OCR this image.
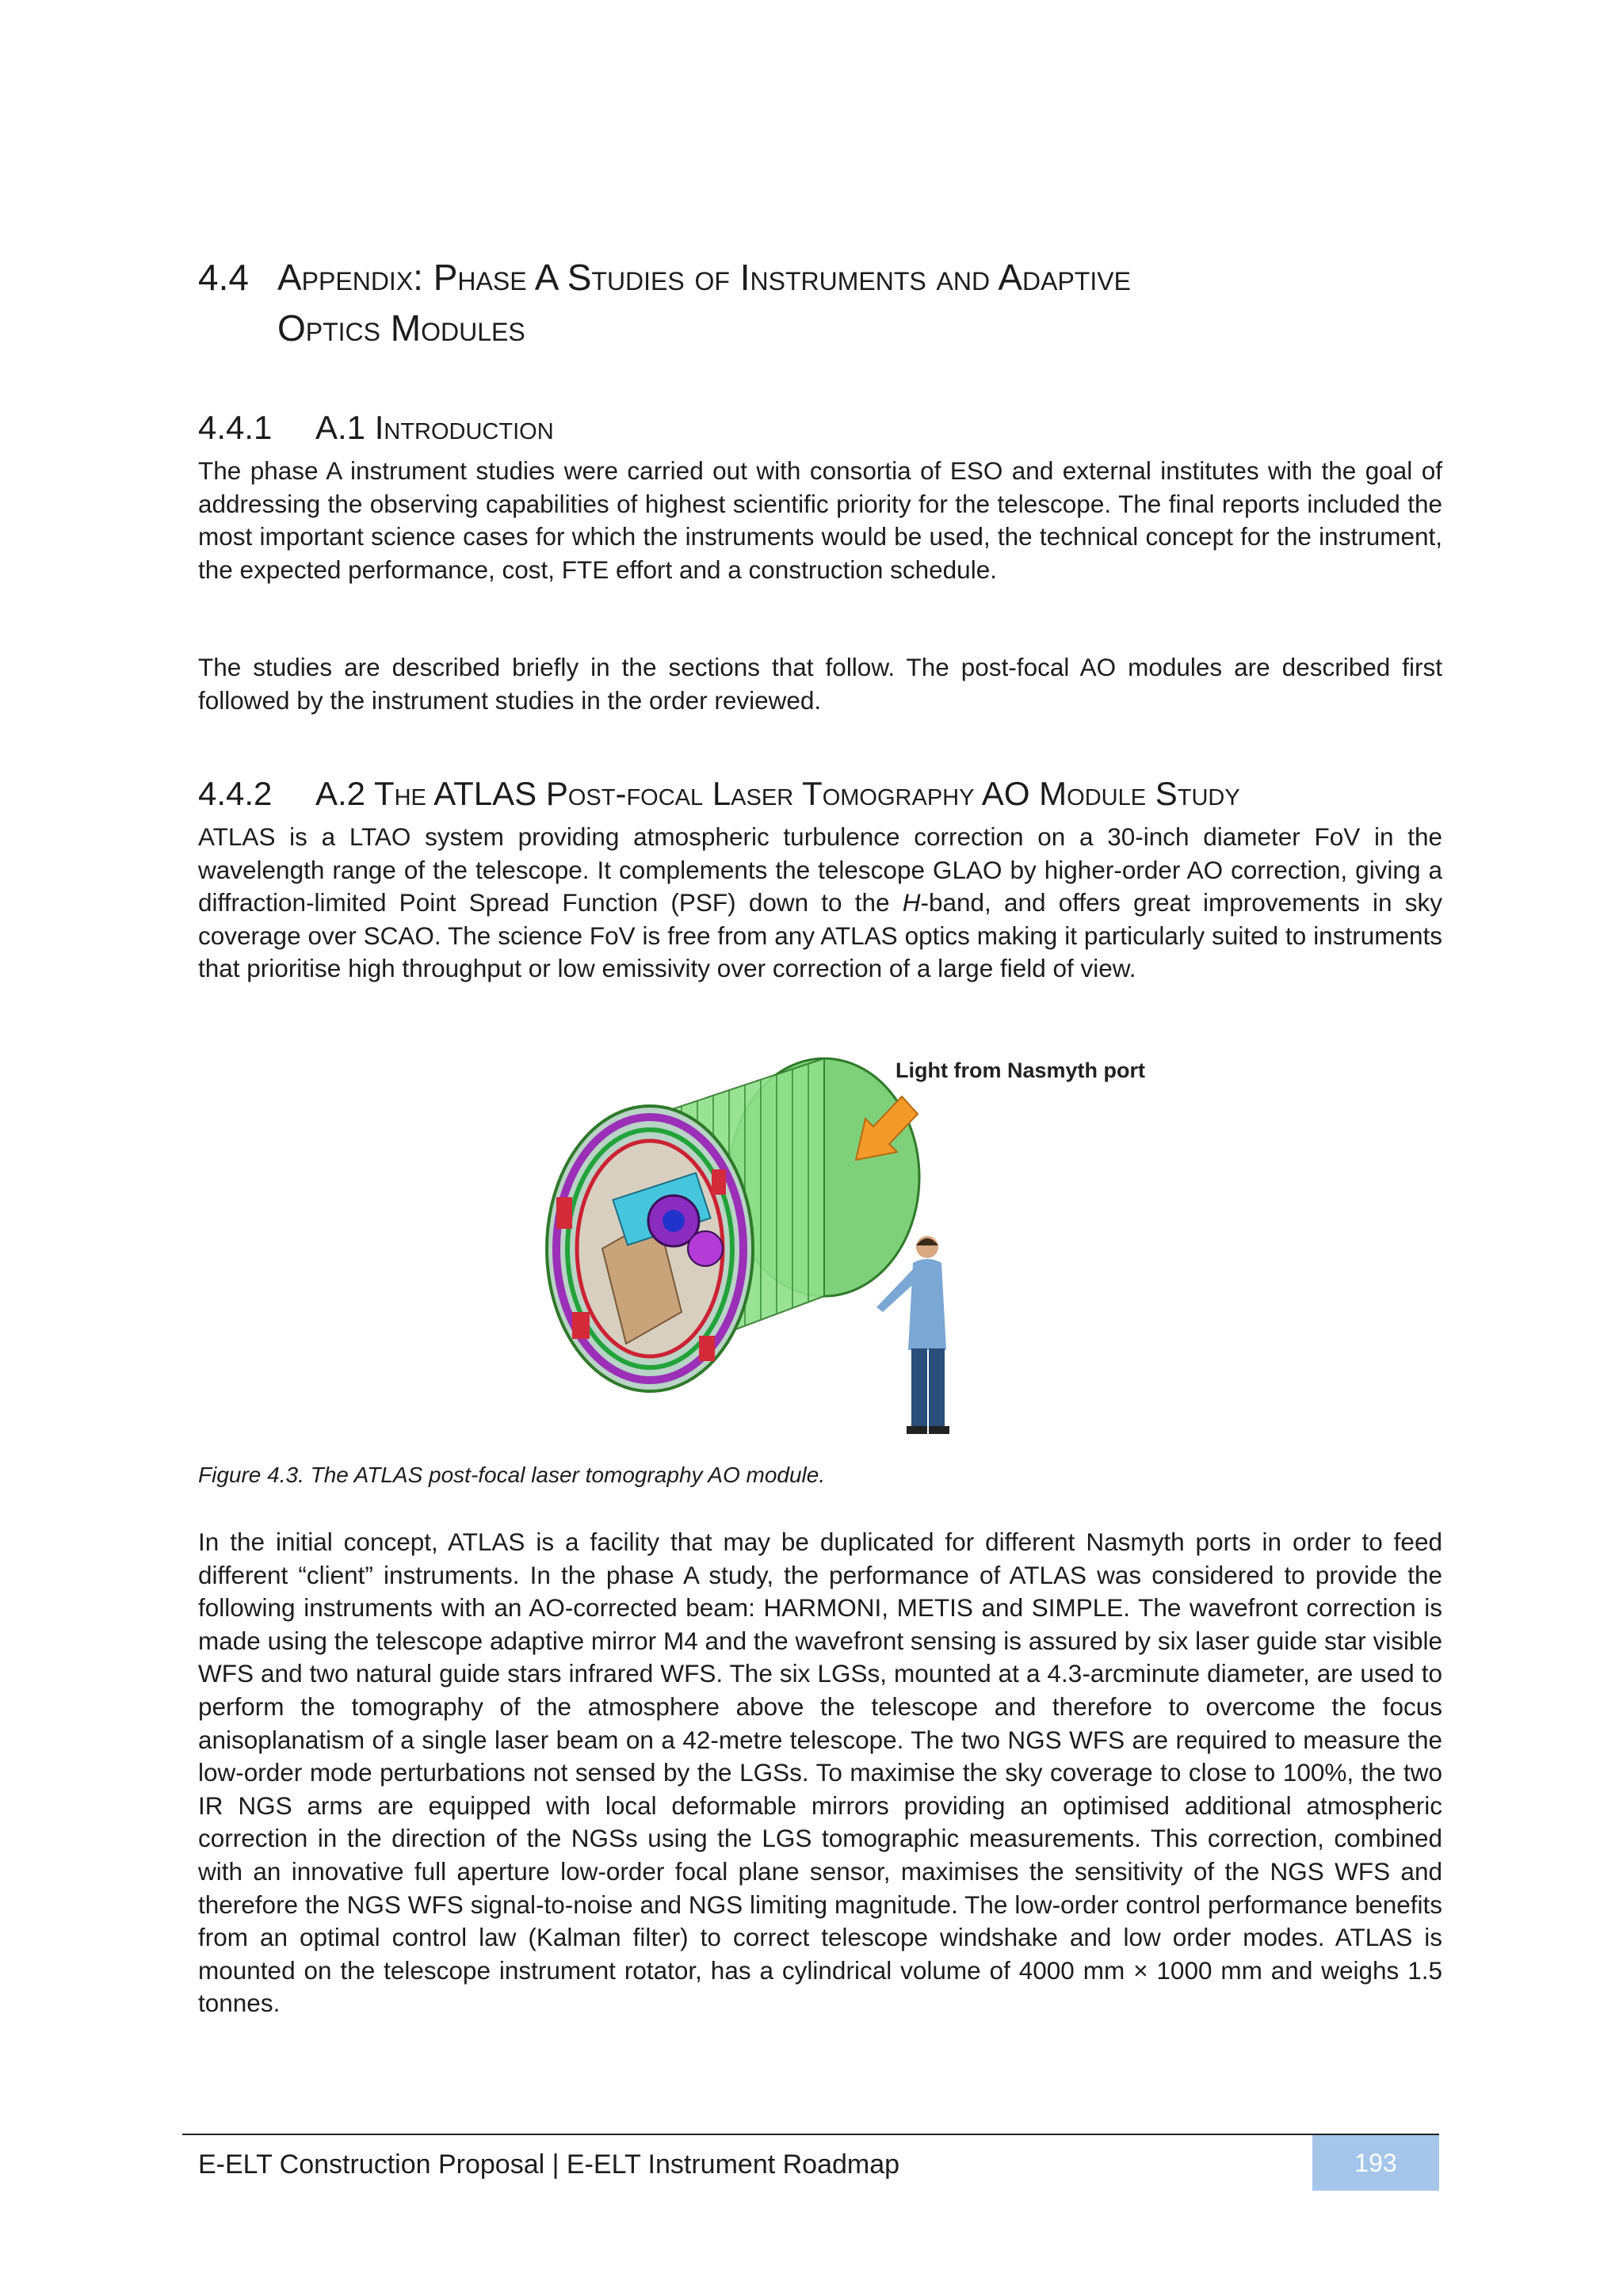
4.4 Appendix: Phase A Studies of Instruments and Adaptive
Optics Modules
4.4.1 A.1 Introduction

The phase A instrument studies were carried out with consortia of ESO and external institutes with the goal of addressing the observing capabilities of highest scientific priority for the telescope. The final reports included the most important science cases for which the instruments would be used, the technical concept for the instrument, the expected performance, cost, FTE effort and a construction schedule.

The studies are described briefly in the sections that follow. The post-focal AO modules are described first followed by the instrument studies in the order reviewed.

4.4.2 A.2 The ATLAS Post-focal Laser Tomography AO Module Study

ATLAS is a LTAO system providing atmospheric turbulence correction on a 30-inch diameter FoV in the wavelength range of the telescope. It complements the telescope GLAO by higher-order AO correction, giving a diffraction-limited Point Spread Function (PSF) down to the H-band, and offers great improvements in sky coverage over SCAO. The science FoV is free from any ATLAS optics making it particularly suited to instruments that prioritise high throughput or low emissivity over correction of a large field of view.

Light from Nasmyth port

Figure 4.3. The ATLAS post-focal laser tomography AO module.

In the initial concept, ATLAS is a facility that may be duplicated for different Nasmyth ports in order to feed different “client” instruments. In the phase A study, the performance of ATLAS was considered to provide the following instruments with an AO-corrected beam: HARMONI, METIS and SIMPLE. The wavefront correction is made using the telescope adaptive mirror M4 and the wavefront sensing is assured by six laser guide star visible WFS and two natural guide stars infrared WFS. The six LGSs, mounted at a 4.3-arcminute diameter, are used to perform the tomography of the atmosphere above the telescope and therefore to overcome the focus anisoplanatism of a single laser beam on a 42-metre telescope. The two NGS WFS are required to measure the low-order mode perturbations not sensed by the LGSs. To maximise the sky coverage to close to 100%, the two IR NGS arms are equipped with local deformable mirrors providing an optimised additional atmospheric correction in the direction of the NGSs using the LGS tomographic measurements. This correction, combined with an innovative full aperture low-order focal plane sensor, maximises the sensitivity of the NGS WFS and therefore the NGS WFS signal-to-noise and NGS limiting magnitude. The low-order control performance benefits from an optimal control law (Kalman filter) to correct telescope windshake and low order modes. ATLAS is mounted on the telescope instrument rotator, has a cylindrical volume of 4000 mm × 1000 mm and weighs 1.5 tonnes.

E-ELT Construction Proposal | E-ELT Instrument Roadmap	193
